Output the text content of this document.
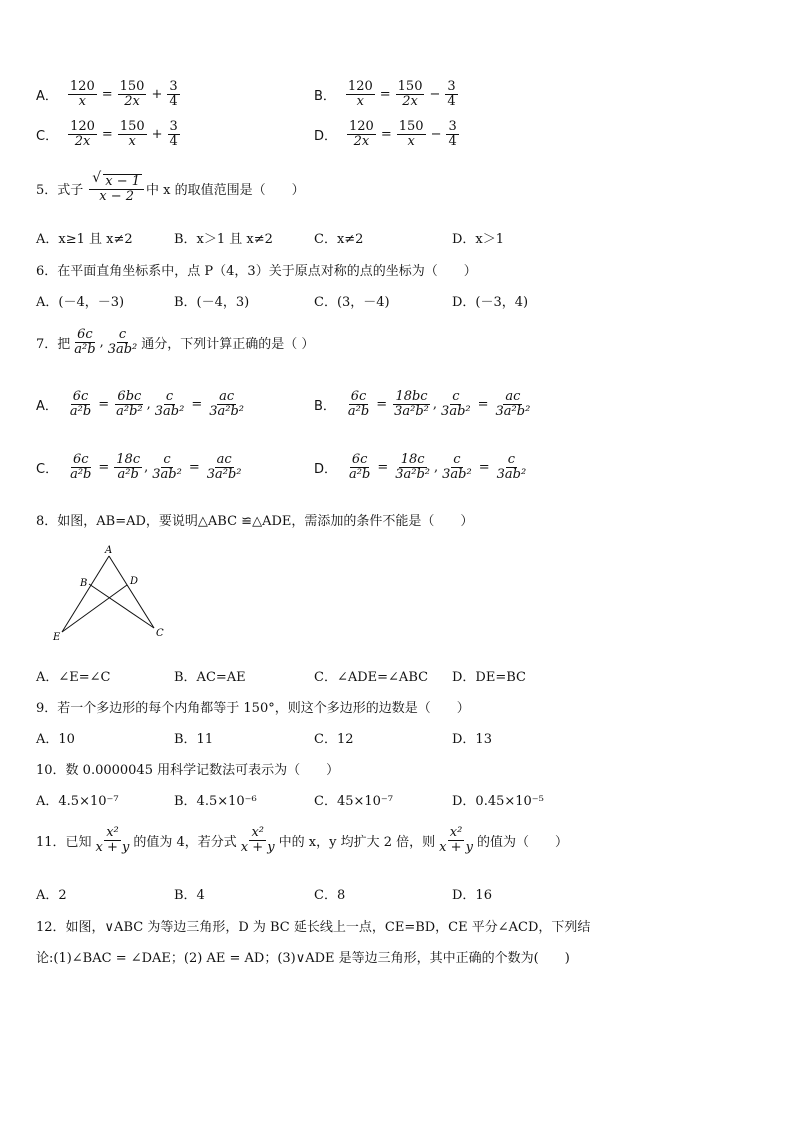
A． $\frac{120}{x} = \frac{150}{2x} + \frac{3}{4}$	B． $\frac{120}{x} = \frac{150}{2x} - \frac{3}{4}$
C． $\frac{120}{2x} = \frac{150}{x} + \frac{3}{4}$	D． $\frac{120}{2x} = \frac{150}{x} - \frac{3}{4}$
5．式子
√ $\frac{x - 1}{x - 2}$ 中 x 的取值范围是（　　）
A．x≥1 且 x≠2	B．x＞1 且 x≠2	C．x≠2	D．x＞1
6．在平面直角坐标系中，点 P（4，3）关于原点对称的点的坐标为（　　）
A．(－4，－3)	B．(－4，3)	C．(3，－4)	D．(－3，4)
7．把 $\frac{6c}{\text{a²b}}$ , $\frac{c}{\text{3ab²}}$ 通分，下列计算正确的是（ ）
A． $\frac{6c}{\text{a²b}} = \frac{6bc}{\text{a²b²}}$ , $\frac{c}{\text{3ab²}} = \frac{ac}{\text{3a²b²}}$	B． $\frac{6c}{\text{a²b}} = \frac{18bc}{\text{3a²b²}}$ , $\frac{c}{\text{3ab²}} = \frac{ac}{\text{3a²b²}}$
C． $\frac{6c}{\text{a²b}} = \frac{18c}{\text{a²b}}$ , $\frac{c}{\text{3ab²}} = \frac{ac}{\text{3a²b²}}$	D． $\frac{6c}{\text{a²b}} = \frac{18c}{\text{3a²b²}}$ , $\frac{c}{\text{3ab²}} = \frac{c}{\text{3ab²}}$
8．如图，AB=AD，要说明△ABC ≌△ADE，需添加的条件不能是（　　）
A
B	D
E	C
A．∠E=∠C	B．AC=AE	C．∠ADE=∠ABC D．DE=BC
9．若一个多边形的每个内角都等于 150°，则这个多边形的边数是（　　）
A．10	B．11	C．12	D．13
10．数 0.0000045 用科学记数法可表示为（　　）
A．4.5×10⁻⁷	B．4.5×10⁻⁶	C．45×10⁻⁷	D．0.45×10⁻⁵
11．已知 $\frac{\text{x²}}{x + y}$ 的值为 4，若分式 $\frac{\text{x²}}{x + y}$ 中的 x，y 均扩大 2 倍，则 $\frac{\text{x²}}{x + y}$ 的值为（　　）
A．2	B．4	C．8	D．16
12．如图，∨ABC 为等边三角形，D 为 BC 延长线上一点，CE=BD，CE 平分∠ACD，下列结
论:(1)∠BAC = ∠DAE；(2) AE = AD；(3)∨ADE 是等边三角形，其中正确的个数为(　　)
